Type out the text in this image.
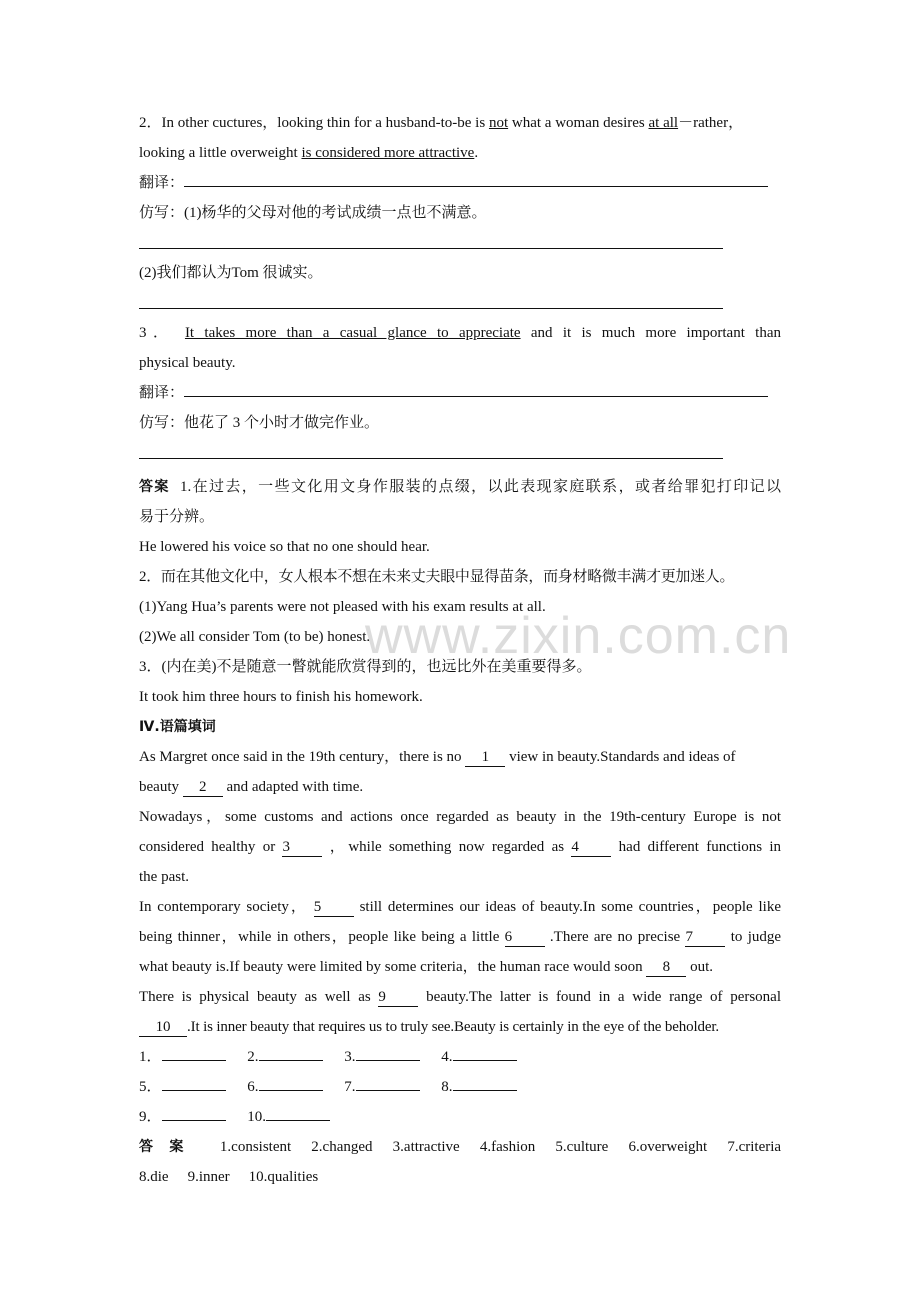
2．In other cuctures，looking thin for a husband-to-be is not what a woman desires at all－rather，
looking a little overweight is considered more attractive.
翻译：
仿写：(1)杨华的父母对他的考试成绩一点也不满意。
(2)我们都认为Tom 很诚实。
3． It takes more than a casual glance to appreciate and it is much more important than
physical beauty.
翻译：
仿写：他花了 3 个小时才做完作业。
答案 1.在过去，一些文化用文身作服装的点缀，以此表现家庭联系，或者给罪犯打印记以
易于分辨。
He lowered his voice so that no one should hear.
2．而在其他文化中，女人根本不想在未来丈夫眼中显得苗条，而身材略微丰满才更加迷人。
(1)Yang Hua’s parents were not pleased with his exam results at all.
(2)We all consider Tom (to be) honest.
3．(内在美)不是随意一瞥就能欣赏得到的，也远比外在美重要得多。
It took him three hours to finish his homework.
Ⅳ.语篇填词
As Margret once said in the 19th century，there is no 1 view in beauty.Standards and ideas of
beauty 2 and adapted with time.
Nowadays，some customs and actions once regarded as beauty in the 19th-century Europe is not
considered healthy or 3	，while something now regarded as 4	had different functions in
the past.
In contemporary society， 5	still determines our ideas of beauty.In some countries，people like
being thinner，while in others，people like being a little 6	.There are no precise 7	to judge
what beauty is.If beauty were limited by some criteria，the human race would soon 8 out.
There is physical beauty as well as 9	beauty.The latter is found in a wide range of personal
10 .It is inner beauty that requires us to truly see.Beauty is certainly in the eye of the beholder.
1．	2.	3.	4.
5．	6.	7.	8.
9．	10.
答案 1.consistent 2.changed 3.attractive 4.fashion 5.culture 6.overweight 7.criteria
8.die 9.inner 10.qualities
www.zixin.com.cn
